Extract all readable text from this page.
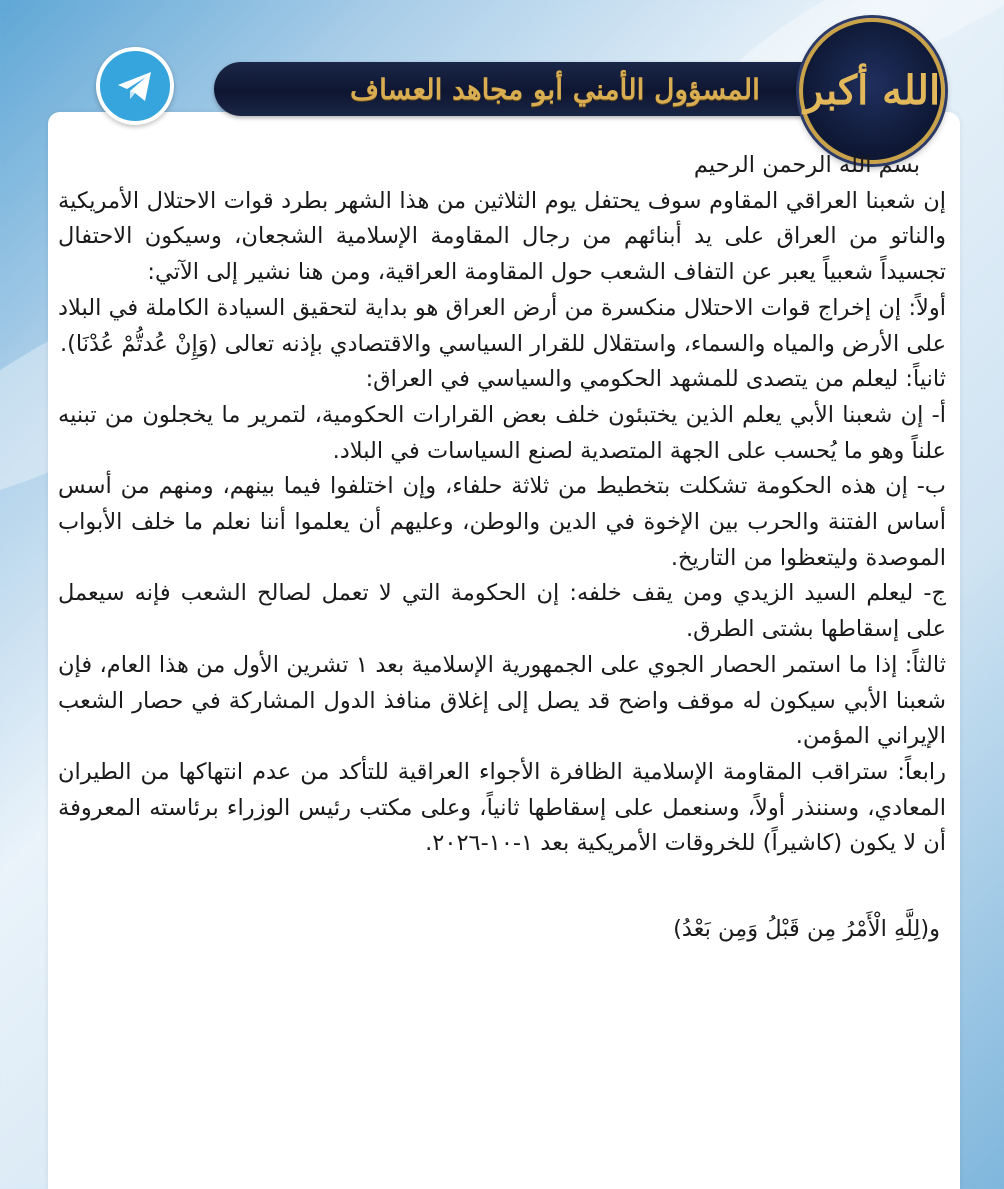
المسؤول الأمني أبو مجاهد العساف الله أكبر

بسم الله الرحمن الرحيم

إن شعبنا العراقي المقاوم سوف يحتفل يوم الثلاثين من هذا الشهر بطرد قوات الاحتلال الأمريكية والناتو من العراق على يد أبنائهم من رجال المقاومة الإسلامية الشجعان، وسيكون الاحتفال تجسيداً شعبياً يعبر عن التفاف الشعب حول المقاومة العراقية، ومن هنا نشير إلى الآتي:

أولاً: إن إخراج قوات الاحتلال منكسرة من أرض العراق هو بداية لتحقيق السيادة الكاملة في البلاد على الأرض والمياه والسماء، واستقلال للقرار السياسي والاقتصادي بإذنه تعالى (وَإِنْ عُدتُّمْ عُدْنَا).

ثانياً: ليعلم من يتصدى للمشهد الحكومي والسياسي في العراق:

أ- إن شعبنا الأبي يعلم الذين يختبئون خلف بعض القرارات الحكومية، لتمرير ما يخجلون من تبنيه علناً وهو ما يُحسب على الجهة المتصدية لصنع السياسات في البلاد.

ب- إن هذه الحكومة تشكلت بتخطيط من ثلاثة حلفاء، وإن اختلفوا فيما بينهم، ومنهم من أسس أساس الفتنة والحرب بين الإخوة في الدين والوطن، وعليهم أن يعلموا أننا نعلم ما خلف الأبواب الموصدة وليتعظوا من التاريخ.

ج- ليعلم السيد الزيدي ومن يقف خلفه: إن الحكومة التي لا تعمل لصالح الشعب فإنه سيعمل على إسقاطها بشتى الطرق.

ثالثاً: إذا ما استمر الحصار الجوي على الجمهورية الإسلامية بعد ١ تشرين الأول من هذا العام، فإن شعبنا الأبي سيكون له موقف واضح قد يصل إلى إغلاق منافذ الدول المشاركة في حصار الشعب الإيراني المؤمن.

رابعاً: ستراقب المقاومة الإسلامية الظافرة الأجواء العراقية للتأكد من عدم انتهاكها من الطيران المعادي، وسننذر أولاً، وسنعمل على إسقاطها ثانياً، وعلى مكتب رئيس الوزراء برئاسته المعروفة أن لا يكون (كاشيراً) للخروقات الأمريكية بعد ١-١٠-٢٠٢٦.

و(لِلَّهِ الْأَمْرُ مِن قَبْلُ وَمِن بَعْدُ)
